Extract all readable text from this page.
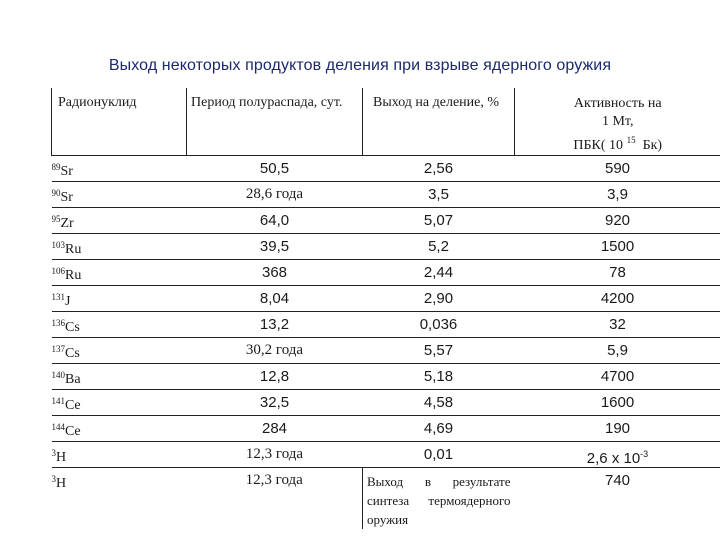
Выход некоторых продуктов деления при взрыве ядерного оружия
Радионуклид	Период полураспада, сут.	Выход на деление, %	Активность на
1 Мт,
ПБК( 10 $^{15}$ Бк)

$^{89}$Sr	50,5	2,56	590
$^{90}$Sr	28,6 года	3,5	3,9
$^{95}$Zr	64,0	5,07	920
$^{103}$Ru	39,5	5,2	1500
$^{106}$Ru	368	2,44	78
$^{131}$J	8,04	2,90	4200
$^{136}$Cs	13,2	0,036	32
$^{137}$Cs	30,2 года	5,57	5,9
$^{140}$Ba	12,8	5,18	4700
$^{141}$Ce	32,5	4,58	1600
$^{144}$Ce	284	4,69	190
$^3$H	12,3 года	0,01	2,6 х $10^{-3}$
$^3$H	12,3 года	Выход в результате синтеза термоядерного оружия	740
